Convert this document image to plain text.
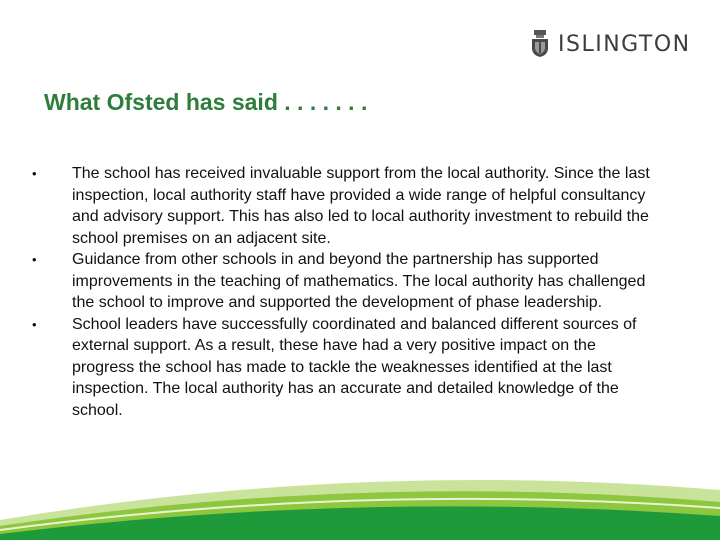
ISLINGTON
What Ofsted has said . . . . . . .
• The school has received invaluable support from the local authority. Since the last inspection, local authority staff have provided a wide range of helpful consultancy and advisory support. This has also led to local authority investment to rebuild the school premises on an adjacent site.
• Guidance from other schools in and beyond the partnership has supported improvements in the teaching of mathematics. The local authority has challenged the school to improve and supported the development of phase leadership.
• School leaders have successfully coordinated and balanced different sources of external support. As a result, these have had a very positive impact on the progress the school has made to tackle the weaknesses identified at the last inspection. The local authority has an accurate and detailed knowledge of the school.
